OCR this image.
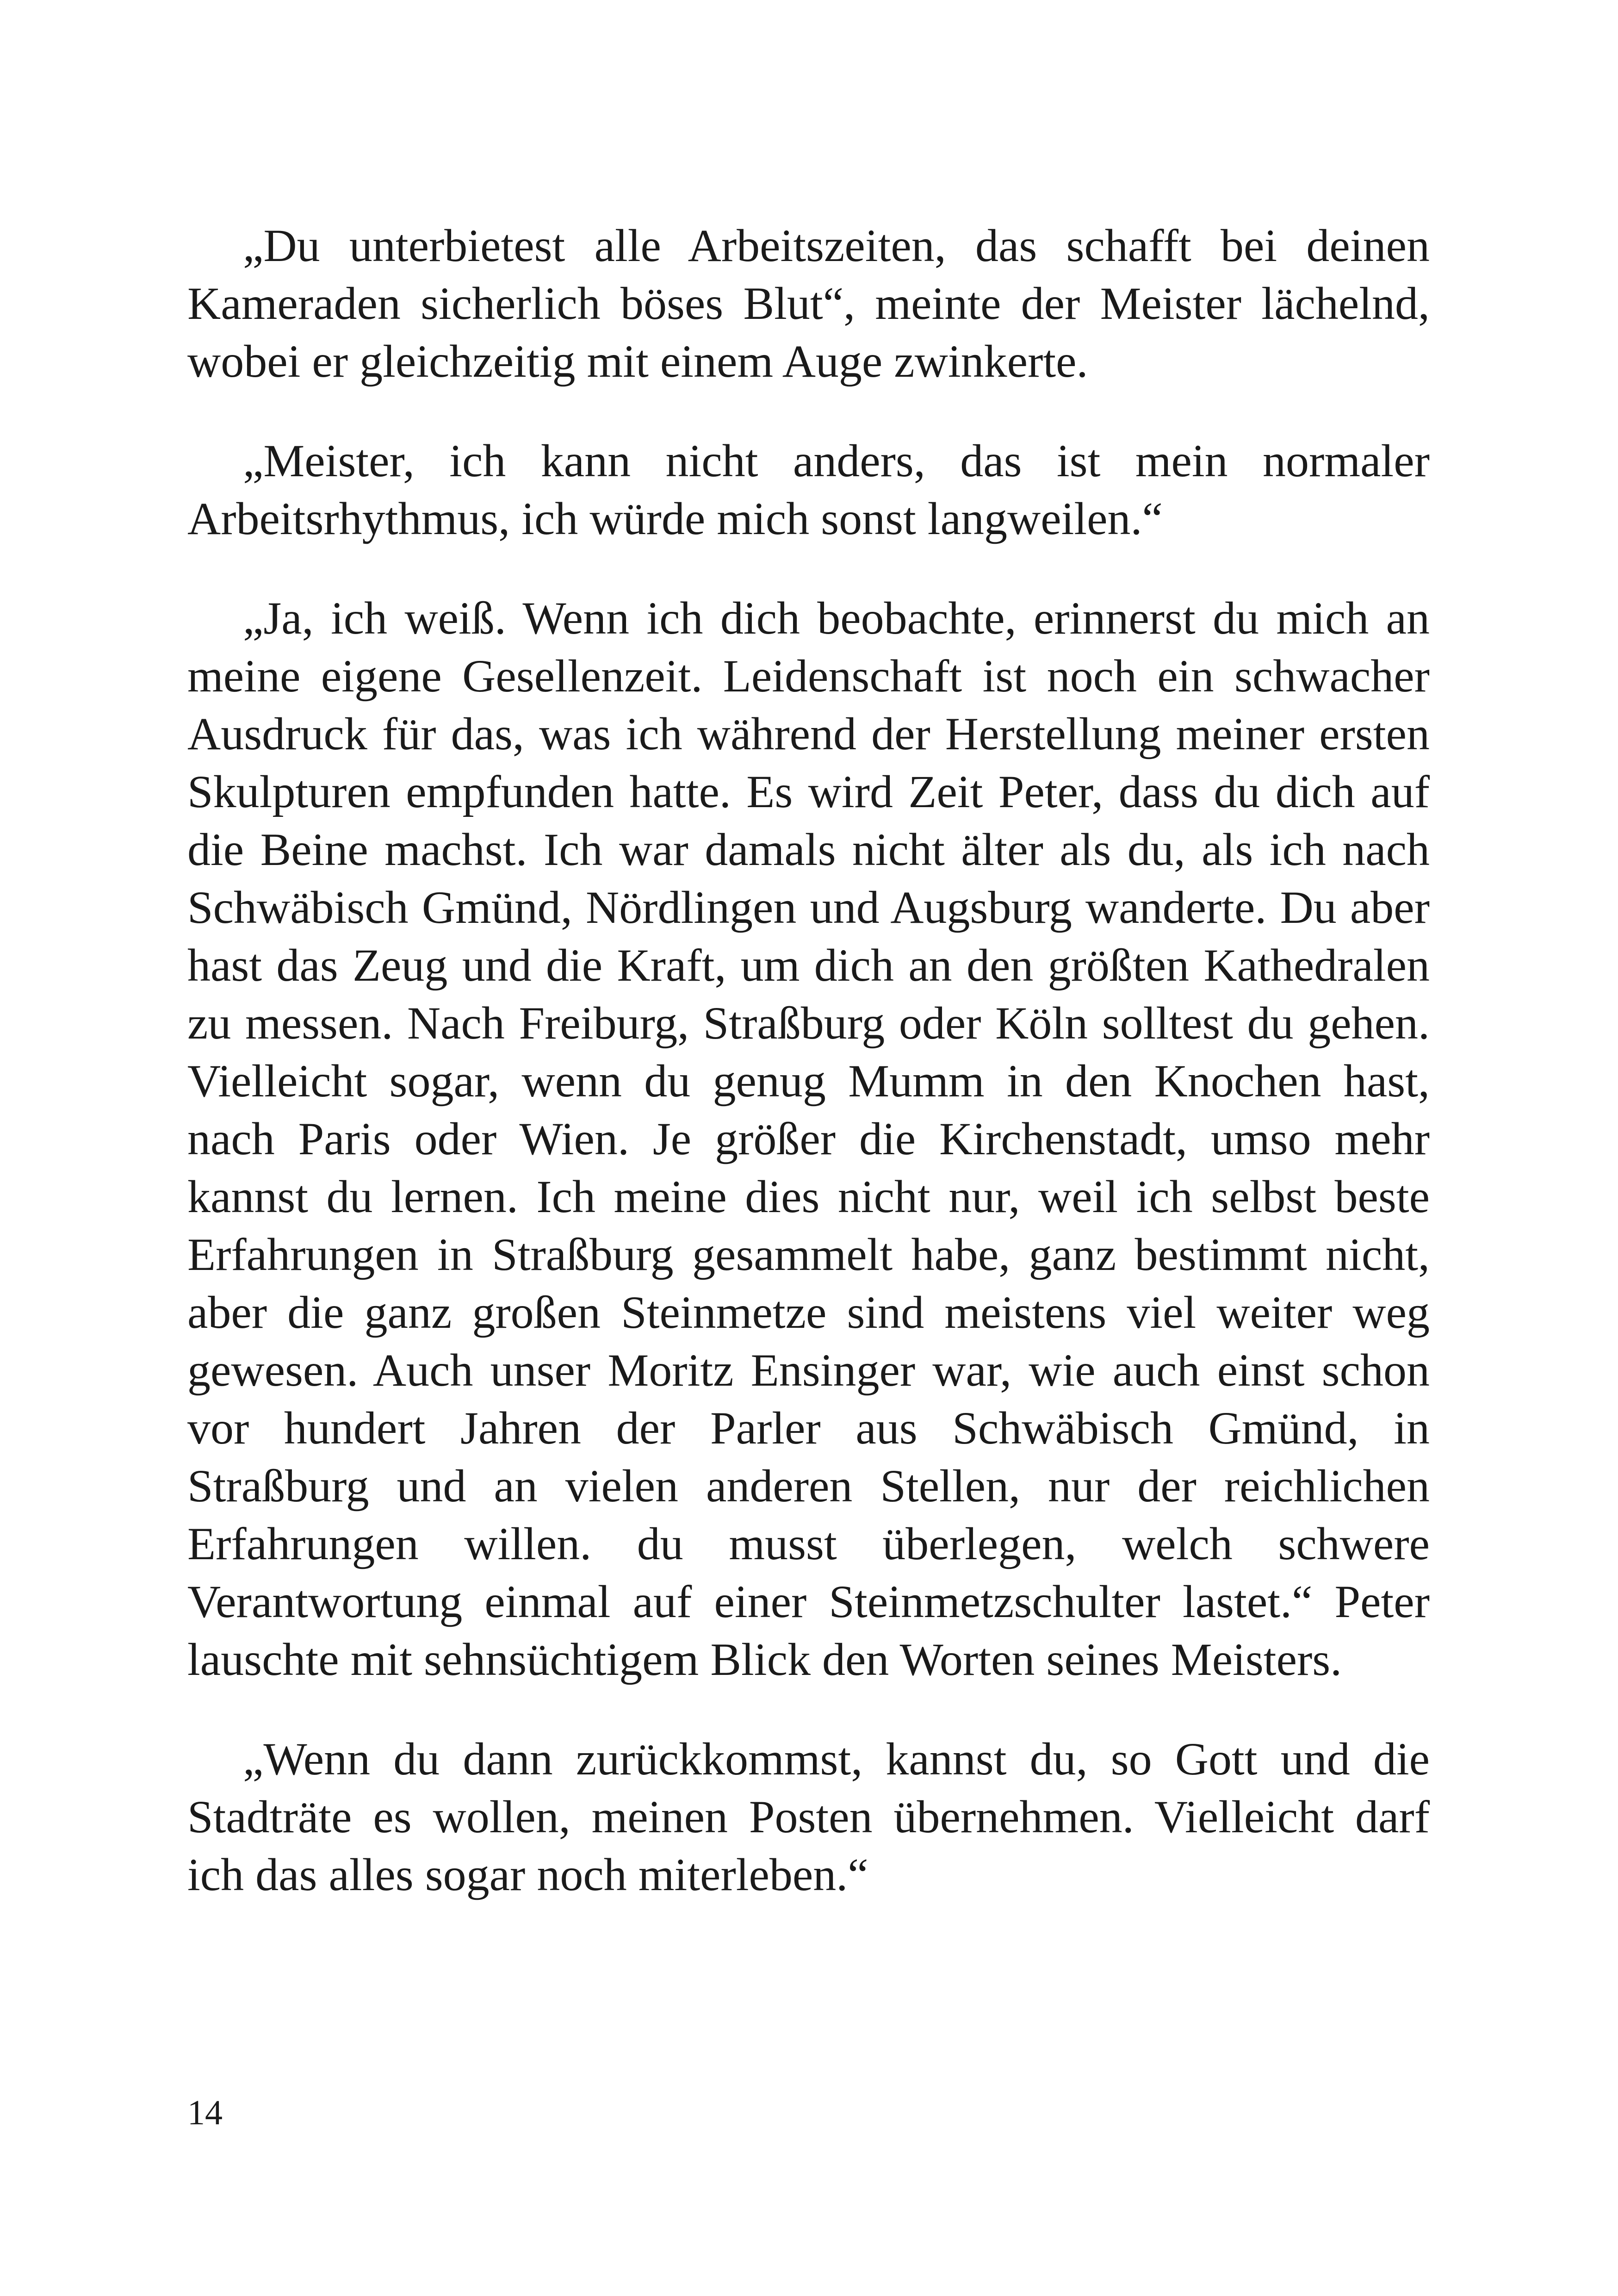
„Du unterbietest alle Arbeitszeiten, das schafft bei deinen Kameraden sicherlich böses Blut“, meinte der Meister lächelnd, wobei er gleichzeitig mit einem Auge zwinkerte.

„Meister, ich kann nicht anders, das ist mein normaler Arbeitsrhythmus, ich würde mich sonst langweilen.“

„Ja, ich weiß. Wenn ich dich beobachte, erinnerst du mich an meine eigene Gesellenzeit. Leidenschaft ist noch ein schwacher Ausdruck für das, was ich während der Herstellung meiner ersten Skulpturen empfunden hatte. Es wird Zeit Peter, dass du dich auf die Beine machst. Ich war damals nicht älter als du, als ich nach Schwäbisch Gmünd, Nördlingen und Augsburg wanderte. Du aber hast das Zeug und die Kraft, um dich an den größten Kathedralen zu messen. Nach Freiburg, Straßburg oder Köln solltest du gehen. Vielleicht sogar, wenn du genug Mumm in den Knochen hast, nach Paris oder Wien. Je größer die Kirchenstadt, umso mehr kannst du lernen. Ich meine dies nicht nur, weil ich selbst beste Erfahrungen in Straßburg gesammelt habe, ganz bestimmt nicht, aber die ganz großen Steinmetze sind meistens viel weiter weg gewesen. Auch unser Moritz Ensinger war, wie auch einst schon vor hundert Jahren der Parler aus Schwäbisch Gmünd, in Straßburg und an vielen anderen Stellen, nur der reichlichen Erfahrungen willen. du musst überlegen, welch schwere Verantwortung einmal auf einer Steinmetzschulter lastet.“ Peter lauschte mit sehnsüchtigem Blick den Worten seines Meisters.

„Wenn du dann zurückkommst, kannst du, so Gott und die Stadträte es wollen, meinen Posten übernehmen. Vielleicht darf ich das alles sogar noch miterleben.“

14
